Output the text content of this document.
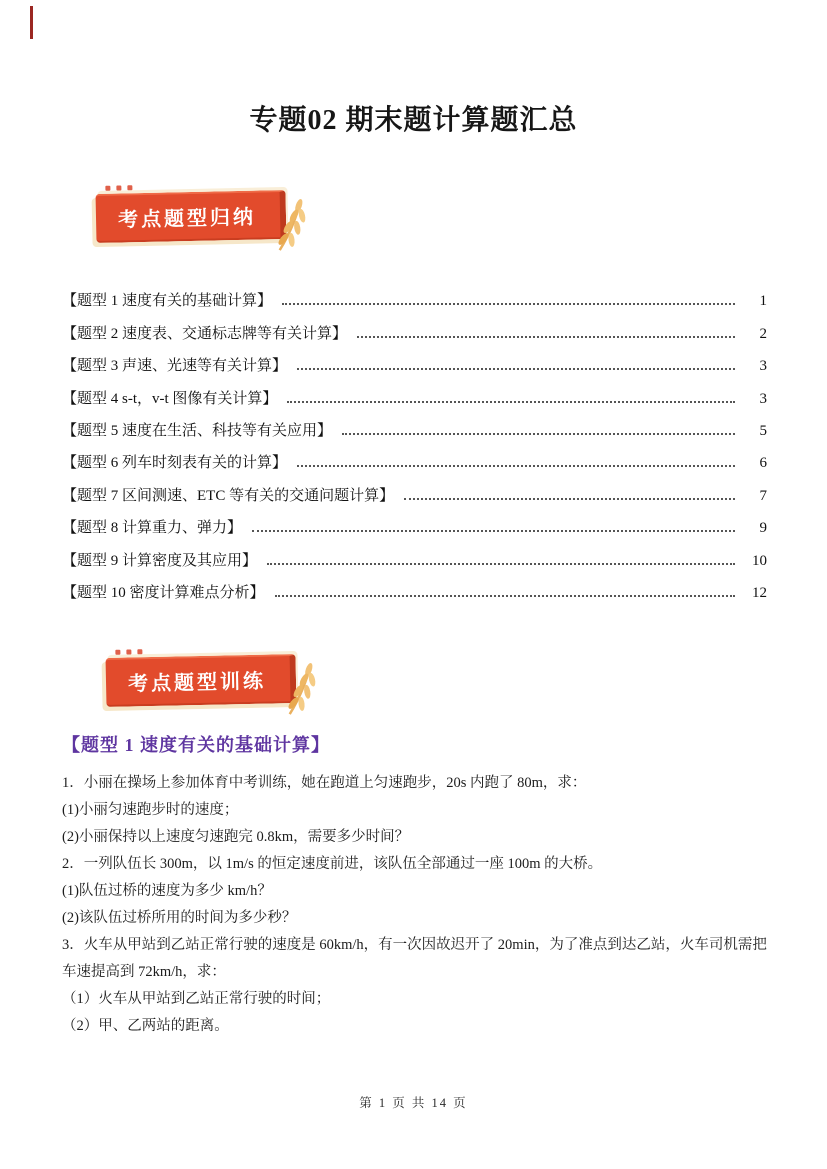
专题02 期末题计算题汇总
考点题型归纳
【题型 1 速度有关的基础计算】	1
【题型 2 速度表、交通标志牌等有关计算】	2
【题型 3 声速、光速等有关计算】	3
【题型 4 s-t，v-t 图像有关计算】	3
【题型 5 速度在生活、科技等有关应用】	5
【题型 6 列车时刻表有关的计算】	6
【题型 7 区间测速、ETC 等有关的交通问题计算】	7
【题型 8 计算重力、弹力】	9
【题型 9 计算密度及其应用】	10
【题型 10 密度计算难点分析】	12
考点题型训练
【题型 1 速度有关的基础计算】

1．小丽在操场上参加体育中考训练，她在跑道上匀速跑步，20s 内跑了 80m，求：

(1)小丽匀速跑步时的速度；

(2)小丽保持以上速度匀速跑完 0.8km，需要多少时间？

2．一列队伍长 300m，以 1m/s 的恒定速度前进，该队伍全部通过一座 100m 的大桥。

(1)队伍过桥的速度为多少 km/h？

(2)该队伍过桥所用的时间为多少秒？

3．火车从甲站到乙站正常行驶的速度是 60km/h，有一次因故迟开了 20min，为了准点到达乙站，火车司机需把车速提高到 72km/h，求：

（1）火车从甲站到乙站正常行驶的时间；

（2）甲、乙两站的距离。

第 1 页 共 14 页
